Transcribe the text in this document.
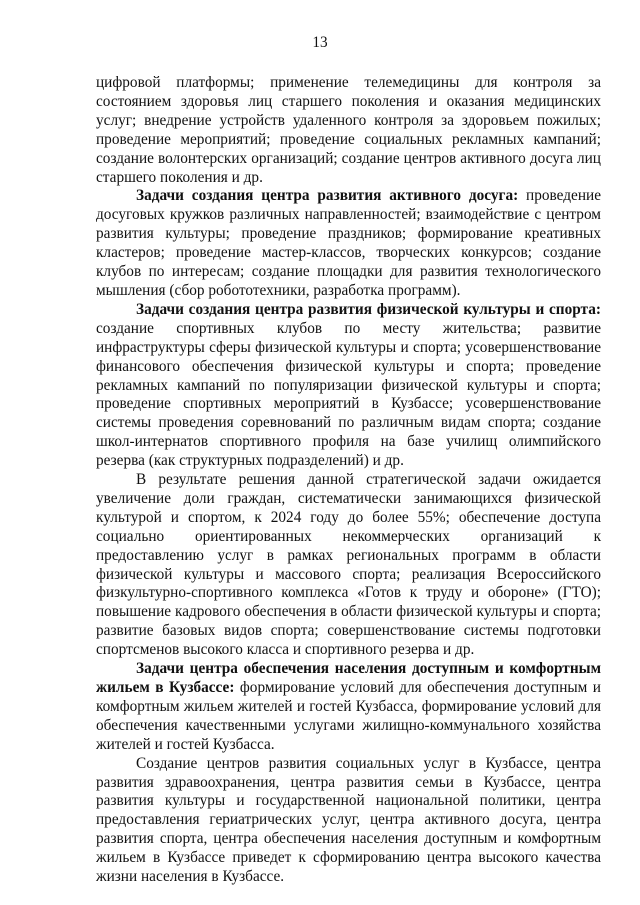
13

цифровой платформы; применение телемедицины для контроля за состоянием здоровья лиц старшего поколения и оказания медицинских услуг; внедрение устройств удаленного контроля за здоровьем пожилых; проведение мероприятий; проведение социальных рекламных кампаний; создание волонтерских организаций; создание центров активного досуга лиц старшего поколения и др.

Задачи создания центра развития активного досуга: проведение досуговых кружков различных направленностей; взаимодействие с центром развития культуры; проведение праздников; формирование креативных кластеров; проведение мастер-классов, творческих конкурсов; создание клубов по интересам; создание площадки для развития технологического мышления (сбор робототехники, разработка программ).

Задачи создания центра развития физической культуры и спорта: создание спортивных клубов по месту жительства; развитие инфраструктуры сферы физической культуры и спорта; усовершенствование финансового обеспечения физической культуры и спорта; проведение рекламных кампаний по популяризации физической культуры и спорта; проведение спортивных мероприятий в Кузбассе; усовершенствование системы проведения соревнований по различным видам спорта; создание школ-интернатов спортивного профиля на базе училищ олимпийского резерва (как структурных подразделений) и др.

В результате решения данной стратегической задачи ожидается увеличение доли граждан, систематически занимающихся физической культурой и спортом, к 2024 году до более 55%; обеспечение доступа социально ориентированных некоммерческих организаций к предоставлению услуг в рамках региональных программ в области физической культуры и массового спорта; реализация Всероссийского физкультурно-спортивного комплекса «Готов к труду и обороне» (ГТО); повышение кадрового обеспечения в области физической культуры и спорта; развитие базовых видов спорта; совершенствование системы подготовки спортсменов высокого класса и спортивного резерва и др.

Задачи центра обеспечения населения доступным и комфортным жильем в Кузбассе: формирование условий для обеспечения доступным и комфортным жильем жителей и гостей Кузбасса, формирование условий для обеспечения качественными услугами жилищно-коммунального хозяйства жителей и гостей Кузбасса.

Создание центров развития социальных услуг в Кузбассе, центра развития здравоохранения, центра развития семьи в Кузбассе, центра развития культуры и государственной национальной политики, центра предоставления гериатрических услуг, центра активного досуга, центра развития спорта, центра обеспечения населения доступным и комфортным жильем в Кузбассе приведет к сформированию центра высокого качества жизни населения в Кузбассе.
